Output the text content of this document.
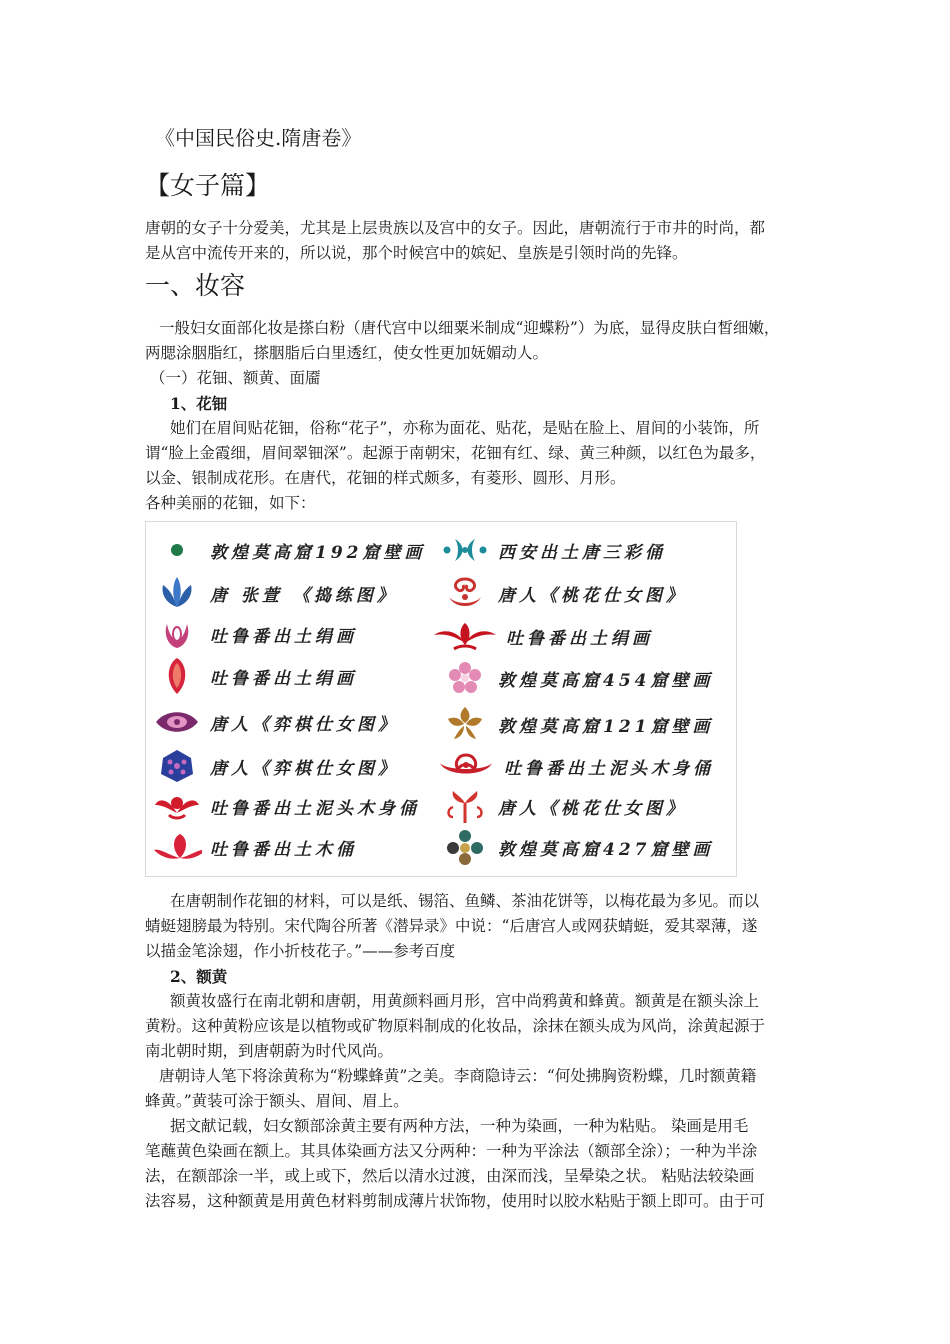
《中国民俗史.隋唐卷》
【女子篇】
唐朝的女子十分爱美，尤其是上层贵族以及宫中的女子。因此，唐朝流行于市井的时尚，都
是从宫中流传开来的，所以说，那个时候宫中的嫔妃、皇族是引领时尚的先锋。
一、妆容
一般妇女面部化妆是搽白粉（唐代宫中以细粟米制成“迎蝶粉”）为底，显得皮肤白皙细嫩，
两腮涂胭脂红，搽胭脂后白里透红，使女性更加妩媚动人。
（一）花钿、额黄、面靥
1、花钿
她们在眉间贴花钿，俗称“花子”，亦称为面花、贴花，是贴在脸上、眉间的小装饰，所
谓“脸上金霞细，眉间翠钿深”。起源于南朝宋，花钿有红、绿、黄三种颜，以红色为最多，
以金、银制成花形。在唐代，花钿的样式颇多，有菱形、圆形、月形。
各种美丽的花钿，如下：
在唐朝制作花钿的材料，可以是纸、锡箔、鱼鳞、茶油花饼等，以梅花最为多见。而以
蜻蜓翅膀最为特别。宋代陶谷所著《潜异录》中说：“后唐宫人或网获蜻蜓，爱其翠薄，遂
以描金笔涂翅，作小折枝花子。”——参考百度
2、额黄
额黄妆盛行在南北朝和唐朝，用黄颜料画月形，宫中尚鸦黄和蜂黄。额黄是在额头涂上
黄粉。这种黄粉应该是以植物或矿物原料制成的化妆品，涂抹在额头成为风尚，涂黄起源于
南北朝时期，到唐朝蔚为时代风尚。
唐朝诗人笔下将涂黄称为“粉蝶蜂黄”之美。李商隐诗云：“何处拂胸资粉蝶，几时额黄籍
蜂黄。”黄装可涂于额头、眉间、眉上。
据文献记载，妇女额部涂黄主要有两种方法，一种为染画，一种为粘贴。 染画是用毛
笔蘸黄色染画在额上。其具体染画方法又分两种：一种为平涂法（额部全涂）；一种为半涂
法，在额部涂一半，或上或下，然后以清水过渡，由深而浅，呈晕染之状。 粘贴法较染画
法容易，这种额黄是用黄色材料剪制成薄片状饰物，使用时以胶水粘贴于额上即可。由于可
敦煌莫高窟192窟壁画
唐 张萱 《捣练图》
吐鲁番出土绢画
吐鲁番出土绢画
唐人《弈棋仕女图》
唐人《弈棋仕女图》
吐鲁番出土泥头木身俑
吐鲁番出土木俑
西安出土唐三彩俑
唐人《桃花仕女图》
吐鲁番出土绢画
敦煌莫高窟454窟壁画
敦煌莫高窟121窟壁画
吐鲁番出土泥头木身俑
唐人《桃花仕女图》
敦煌莫高窟427窟壁画
